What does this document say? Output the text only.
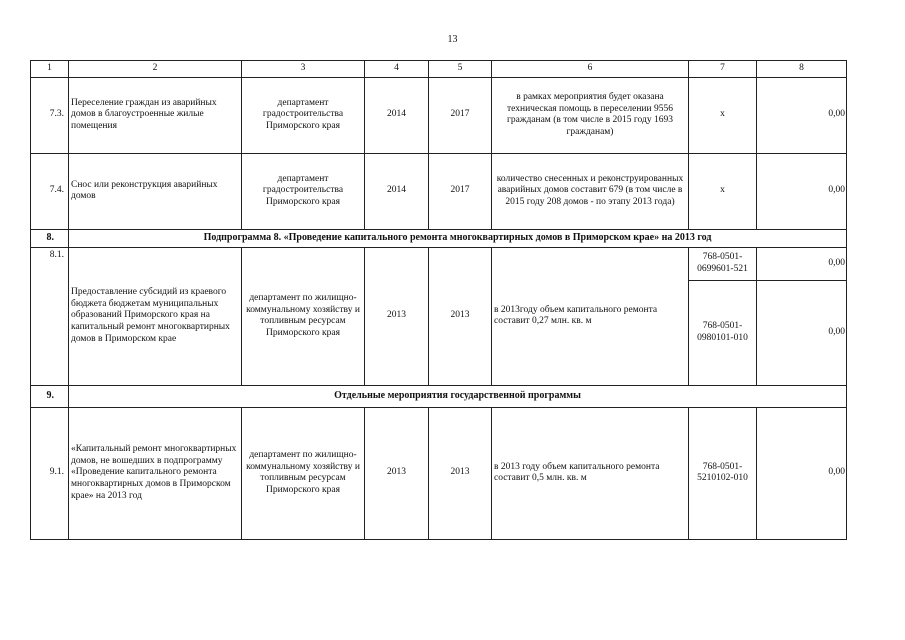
13
1	2	3	4	5	6	7	8
7.3.	Переселение граждан из аварийных домов в благоустроенные жилые помещения	департамент градостроительства Приморского края	2014	2017	в рамках мероприятия будет оказана техническая помощь в переселении 9556 гражданам (в том числе в 2015 году 1693 гражданам)	х	0,00
7.4.	Снос или реконструкция аварийных домов	департамент градостроительства Приморского края	2014	2017	количество снесенных и реконструированных аварийных домов составит 679 (в том числе в 2015 году 208 домов - по этапу 2013 года)	х	0,00
8.	Подпрограмма 8. «Проведение капитального ремонта многоквартирных домов в Приморском крае» на 2013 год						
8.1.	Предоставление субсидий из краевого бюджета бюджетам муниципальных образований Приморского края на капитальный ремонт многоквартирных домов в Приморском крае	департамент по жилищно-коммунальному хозяйству и топливным ресурсам Приморского края	2013	2013	в 2013году объем капитального ремонта составит 0,27 млн. кв. м	768-0501-0699601-521	0,00
						768-0501-0980101-010	0,00
9.	Отдельные мероприятия государственной программы						
9.1.	«Капитальный ремонт многоквартирных домов, не вошедших в подпрограмму «Проведение капитального ремонта многоквартирных домов в Приморском крае» на 2013 год	департамент по жилищно-коммунальному хозяйству и топливным ресурсам Приморского края	2013	2013	в 2013 году объем капитального ремонта составит 0,5 млн. кв. м	768-0501-5210102-010	0,00
